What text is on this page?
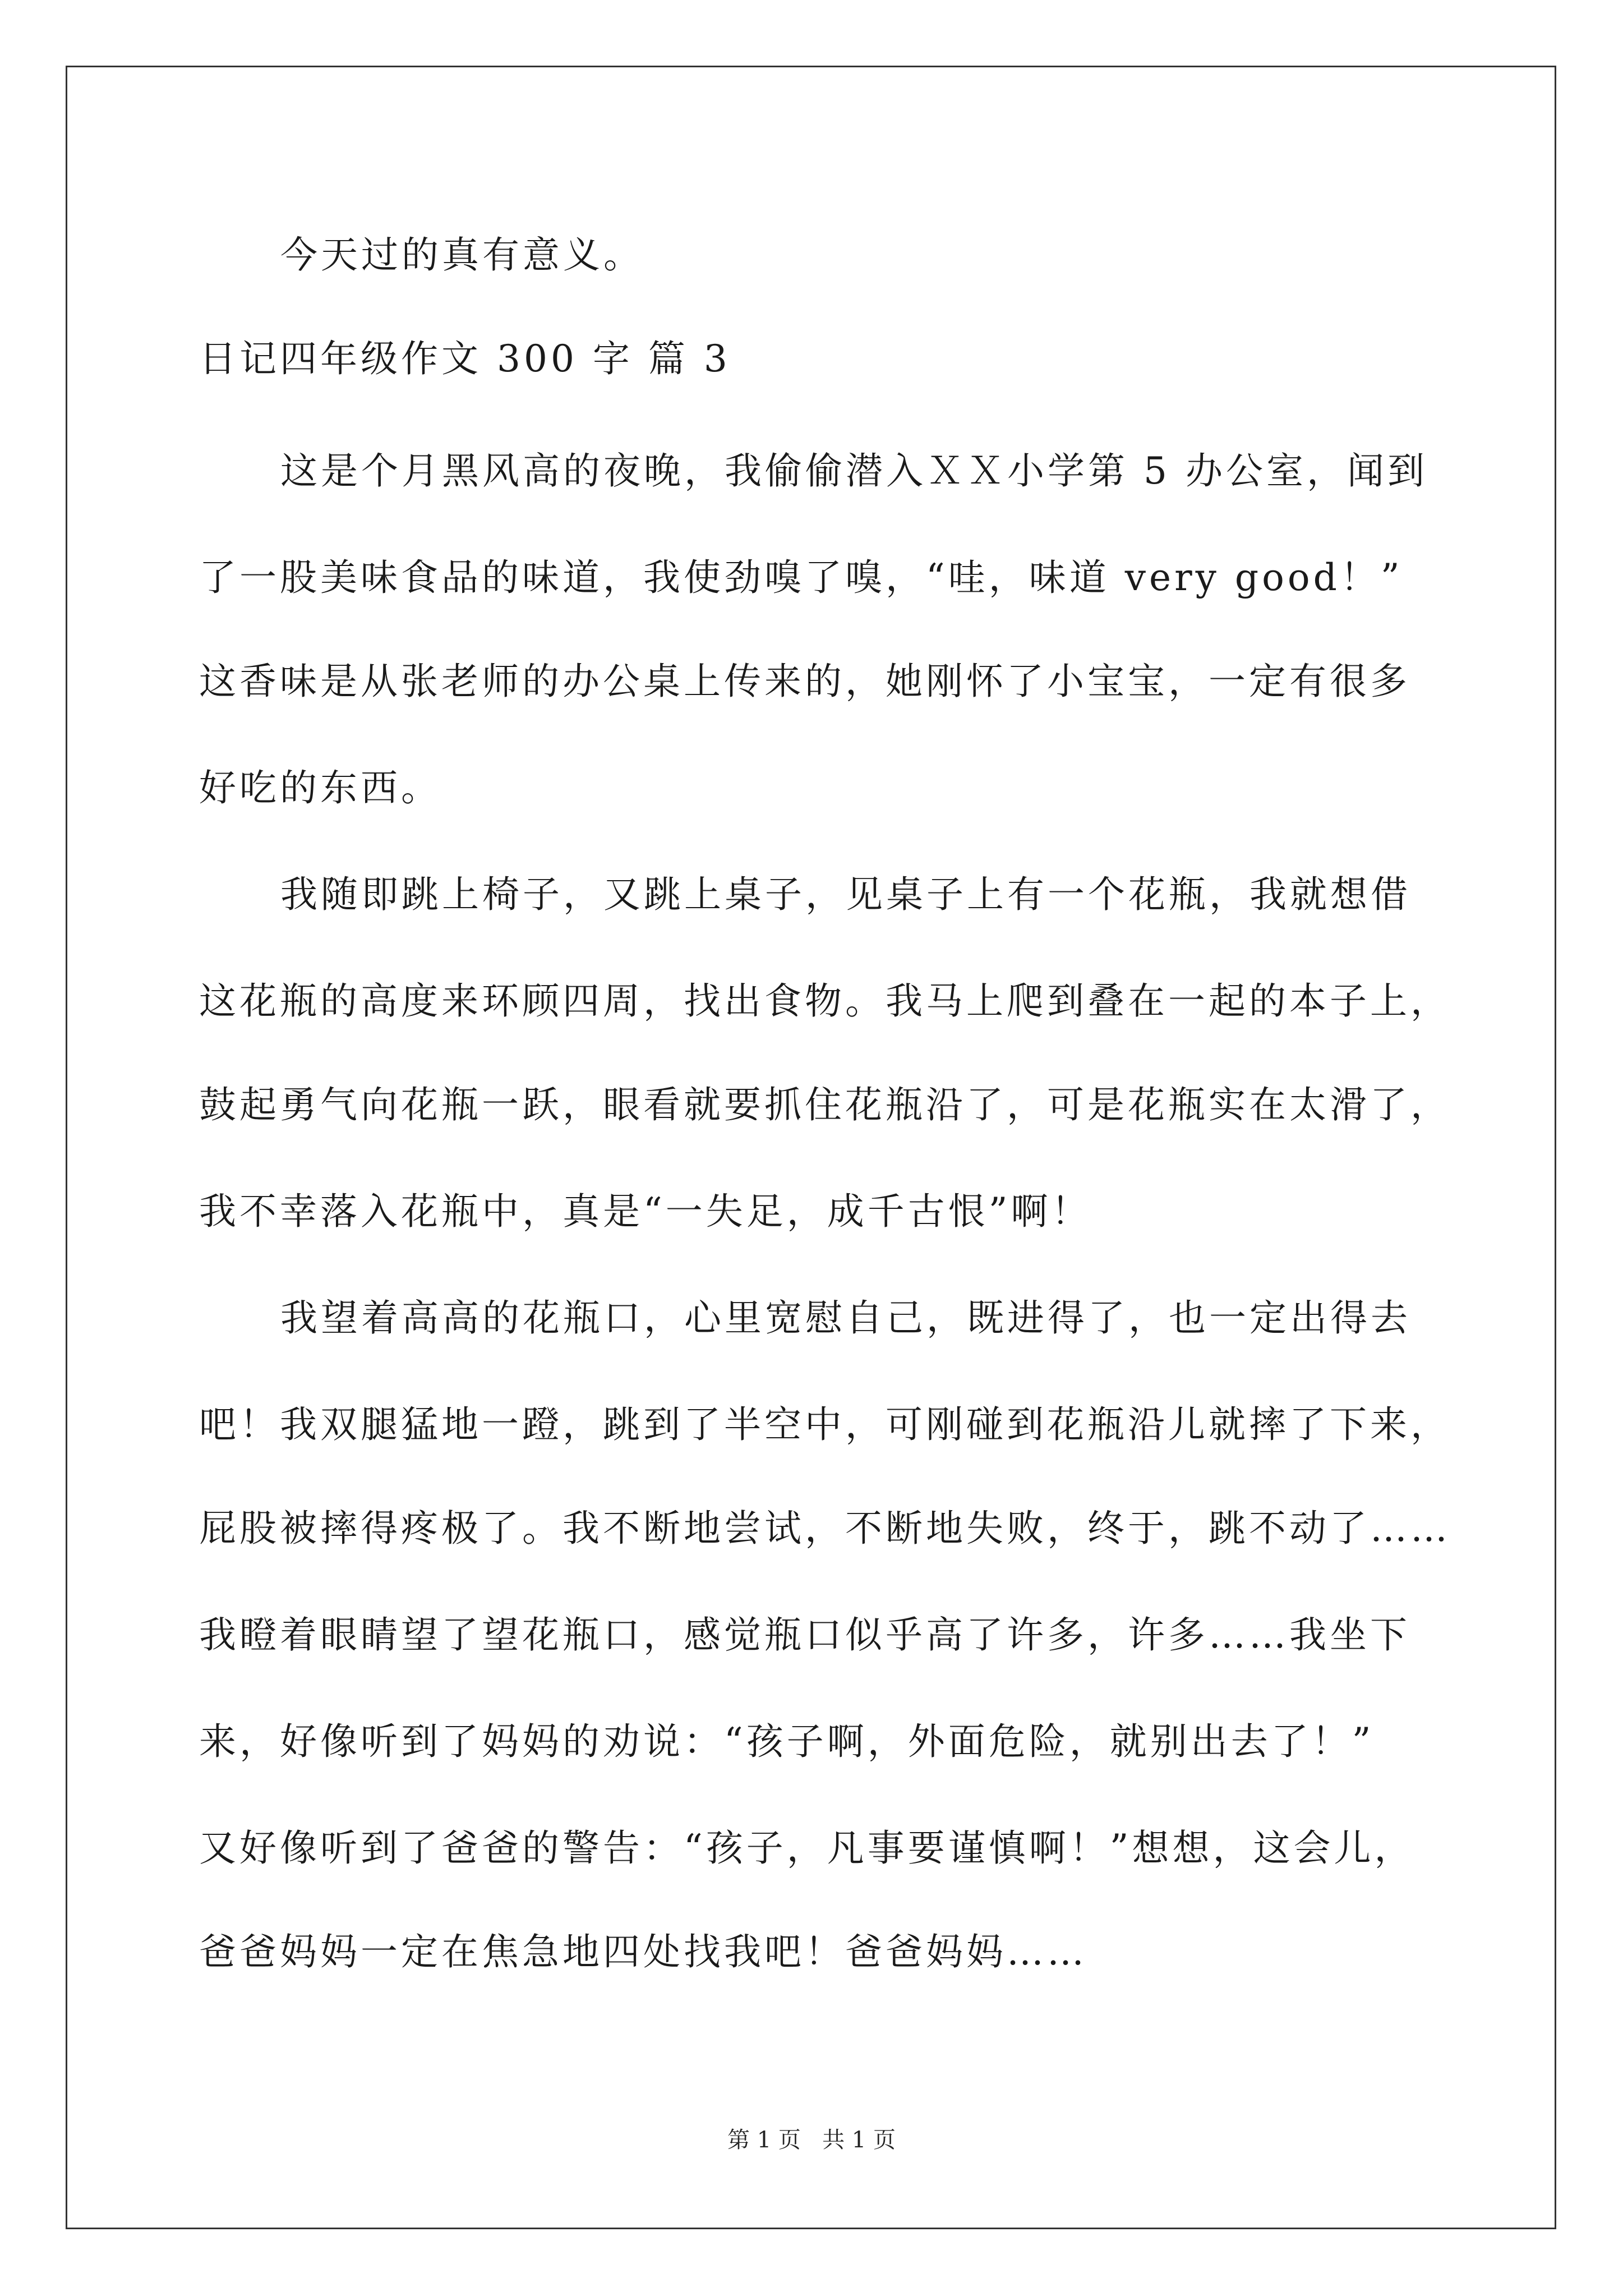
今天过的真有意义。
日记四年级作文 300 字 篇 3
这是个月黑风高的夜晚，我偷偷潜入ＸＸ小学第 5 办公室，闻到
了一股美味食品的味道，我使劲嗅了嗅，“哇，味道 very good！”
这香味是从张老师的办公桌上传来的，她刚怀了小宝宝，一定有很多
好吃的东西。
我随即跳上椅子，又跳上桌子，见桌子上有一个花瓶，我就想借
这花瓶的高度来环顾四周，找出食物。我马上爬到叠在一起的本子上，
鼓起勇气向花瓶一跃，眼看就要抓住花瓶沿了，可是花瓶实在太滑了，
我不幸落入花瓶中，真是“一失足，成千古恨”啊！
我望着高高的花瓶口，心里宽慰自己，既进得了，也一定出得去
吧！我双腿猛地一蹬，跳到了半空中，可刚碰到花瓶沿儿就摔了下来，
屁股被摔得疼极了。我不断地尝试，不断地失败，终于，跳不动了……
我瞪着眼睛望了望花瓶口，感觉瓶口似乎高了许多，许多……我坐下
来，好像听到了妈妈的劝说：“孩子啊，外面危险，就别出去了！”
又好像听到了爸爸的警告：“孩子，凡事要谨慎啊！”想想，这会儿，
爸爸妈妈一定在焦急地四处找我吧！爸爸妈妈……
第 1 页   共 1 页
